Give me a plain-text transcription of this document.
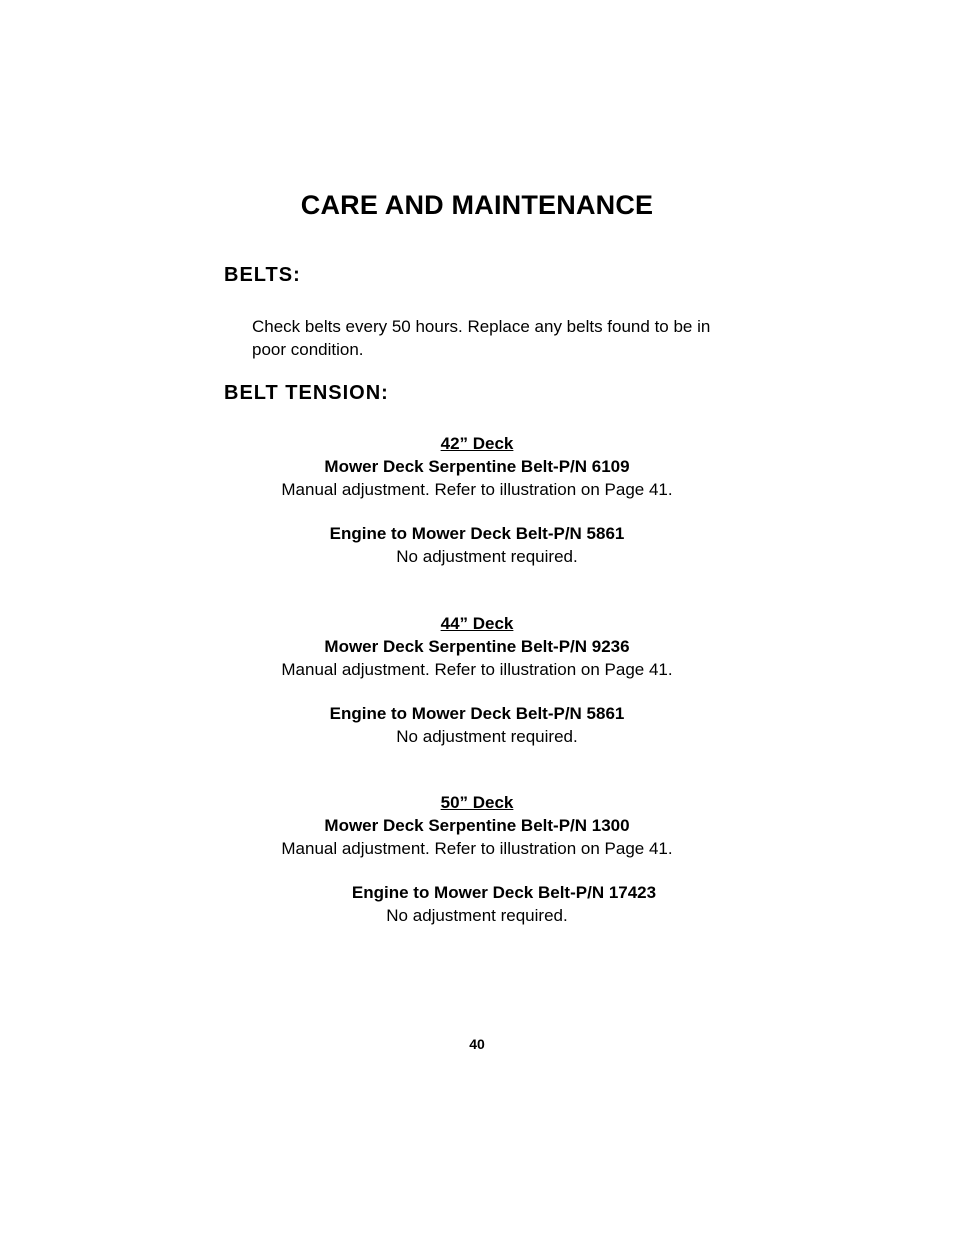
CARE AND MAINTENANCE
BELTS:
Check belts every 50 hours. Replace any belts found to be in poor condition.
BELT TENSION:
42” Deck
Mower Deck Serpentine Belt-P/N 6109
Manual adjustment. Refer to illustration on Page 41.
Engine to Mower Deck Belt-P/N 5861
No adjustment required.
44” Deck
Mower Deck Serpentine Belt-P/N 9236
Manual adjustment. Refer to illustration on Page 41.
Engine to Mower Deck Belt-P/N 5861
No adjustment required.
50” Deck
Mower Deck Serpentine Belt-P/N 1300
Manual adjustment. Refer to illustration on Page 41.
Engine to Mower Deck Belt-P/N 17423
No adjustment required.
40
